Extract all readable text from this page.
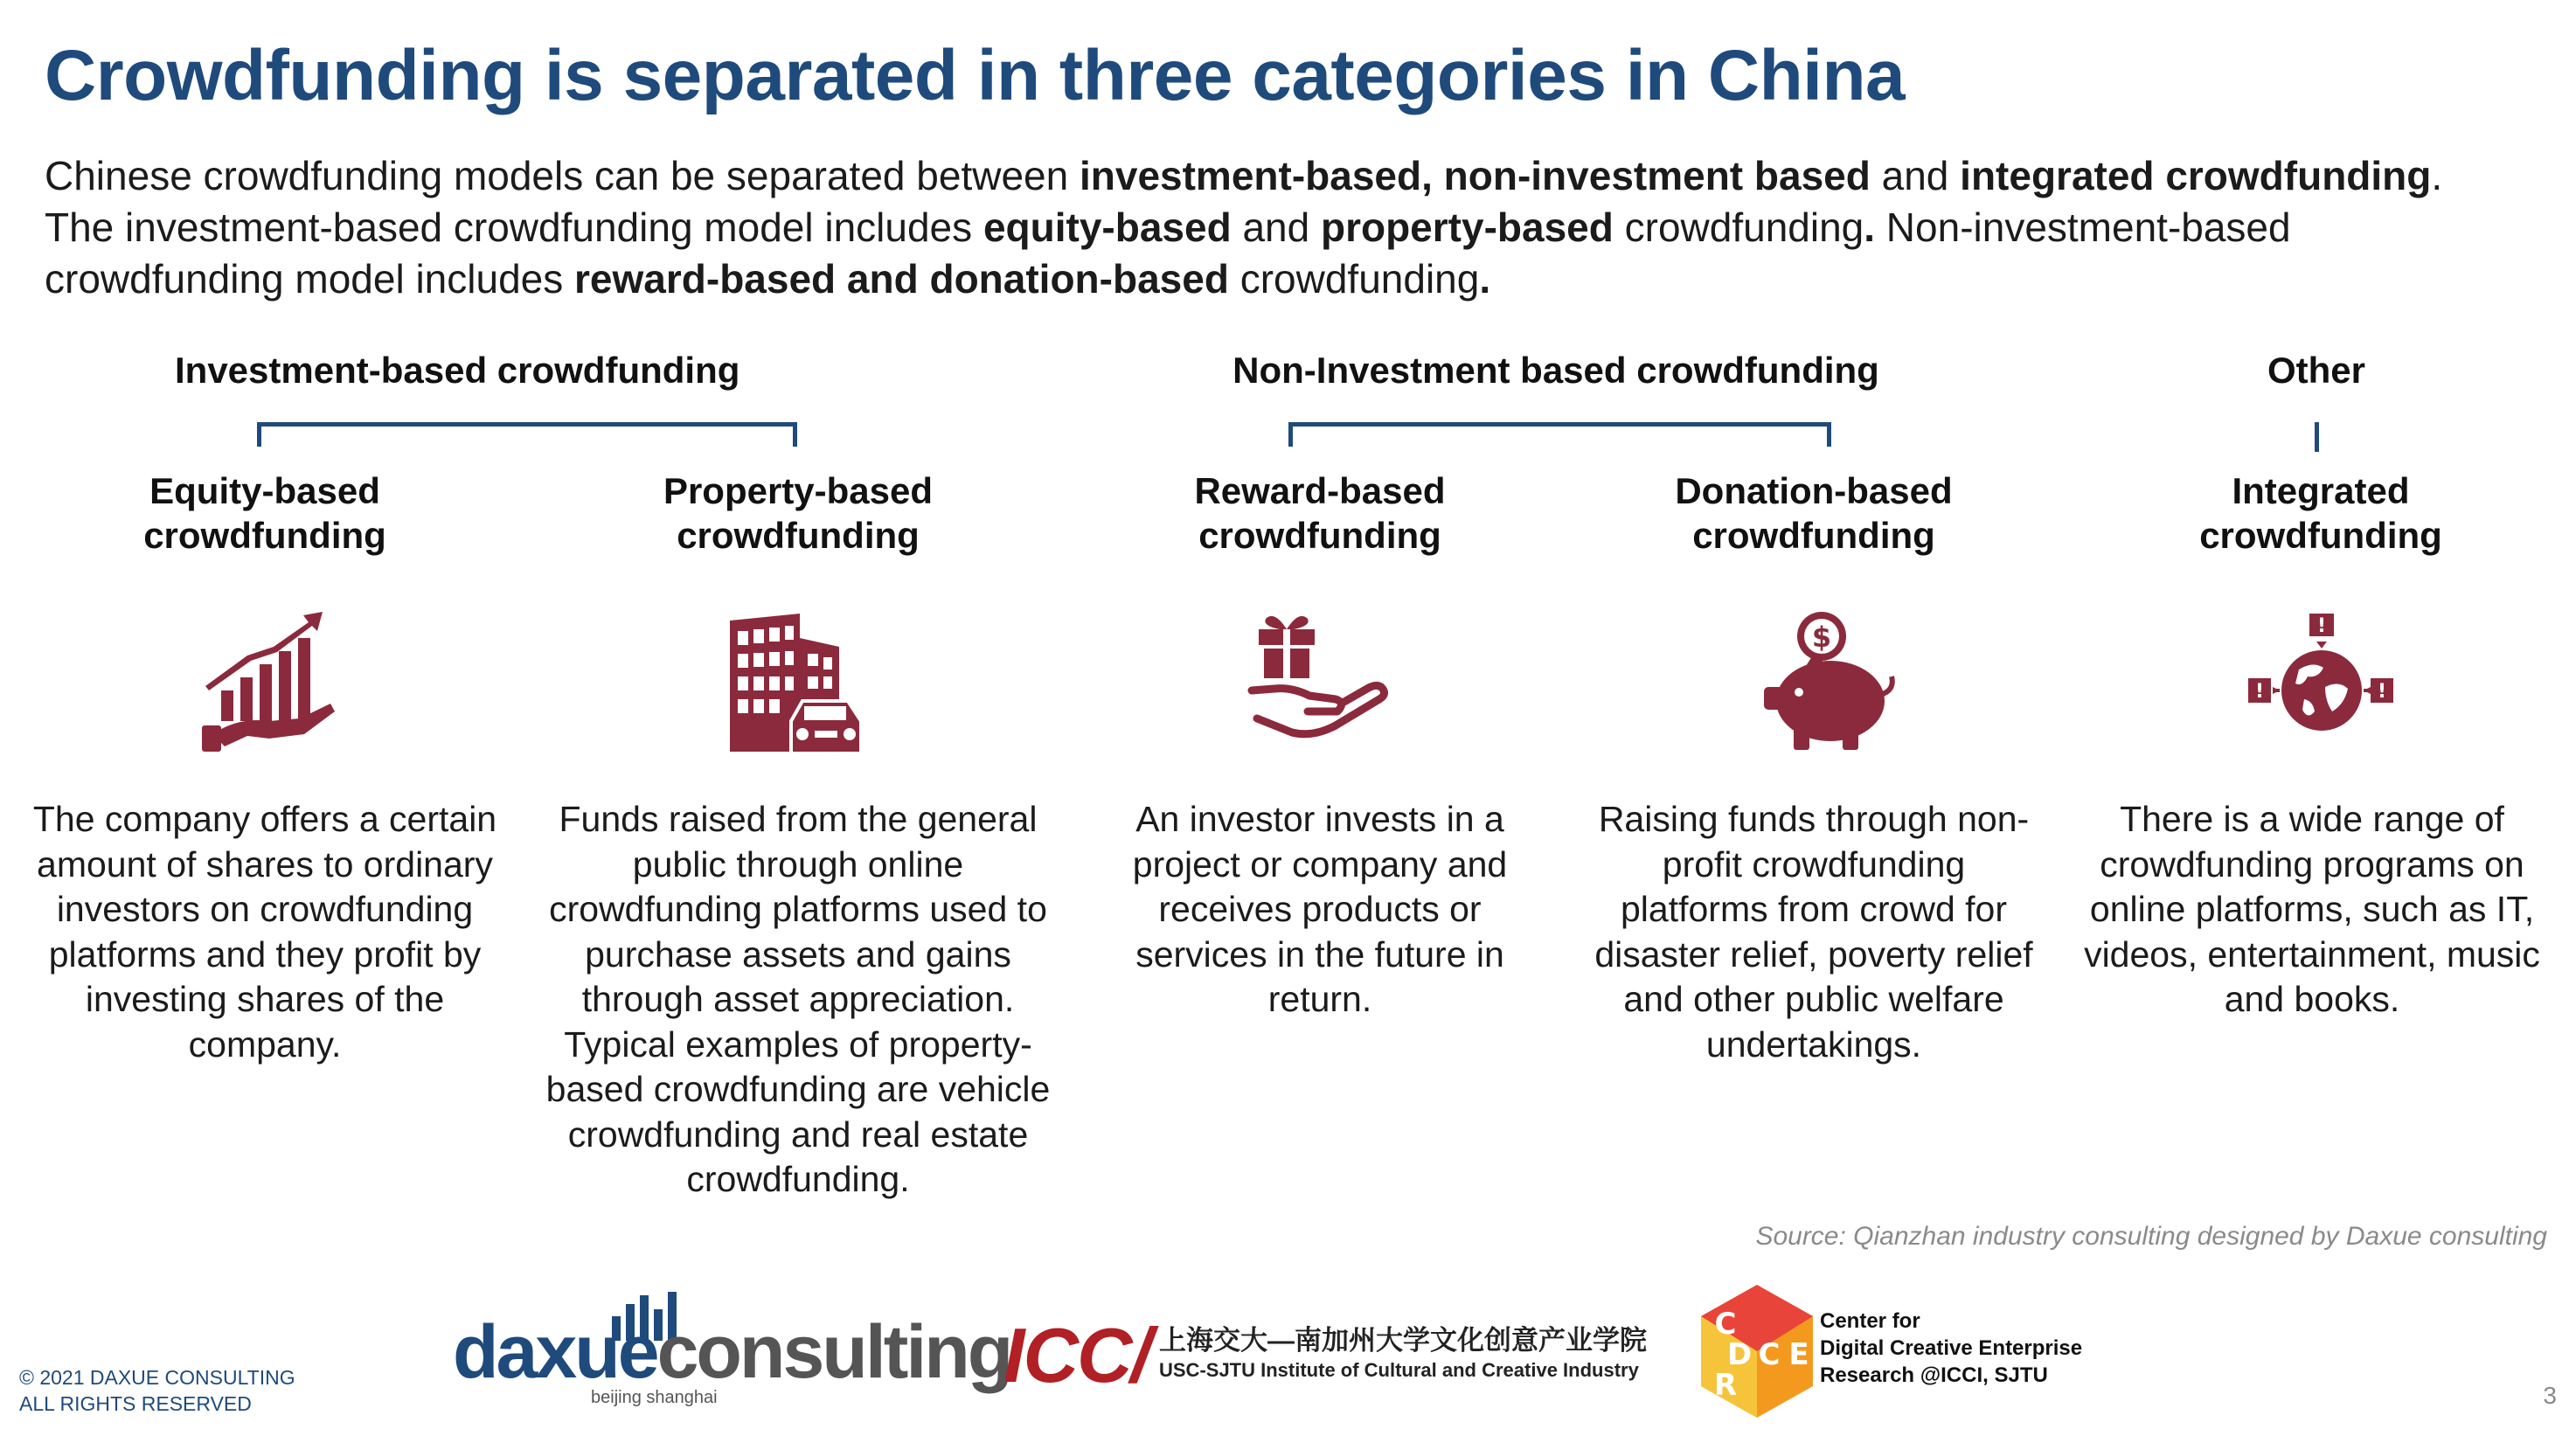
Crowdfunding is separated in three categories in China
Chinese crowdfunding models can be separated between investment-based, non-investment based and integrated crowdfunding. The investment-based crowdfunding model includes equity-based and property-based crowdfunding. Non-investment-based crowdfunding model includes reward-based and donation-based crowdfunding.
Investment-based crowdfunding	Non-Investment based crowdfunding	Other
Equity-based
crowdfunding
Property-based
crowdfunding
Reward-based
crowdfunding
Donation-based
crowdfunding
Integrated
crowdfunding
$	!
!	!
The company offers a certain amount of shares to ordinary investors on crowdfunding platforms and they profit by investing shares of the company.
Funds raised from the general public through online crowdfunding platforms used to purchase assets and gains through asset appreciation. Typical examples of property-based crowdfunding are vehicle crowdfunding and real estate crowdfunding.
An investor invests in a project or company and receives products or services in the future in return.
Raising funds through non-profit crowdfunding platforms from crowd for disaster relief, poverty relief and other public welfare undertakings.
There is a wide range of crowdfunding programs on online platforms, such as IT, videos, entertainment, music and books.
Source: Qianzhan industry consulting designed by Daxue consulting
© 2021 DAXUE CONSULTING
ALL RIGHTS RESERVED
daxueconsulting
beijing shanghai	ICC/ 上海交大—南加州大学文化创意产业学院
USC-SJTU Institute of Cultural and Creative Industry
C
D C E
R
Center for
Digital Creative Enterprise
Research @ICCI, SJTU
3
